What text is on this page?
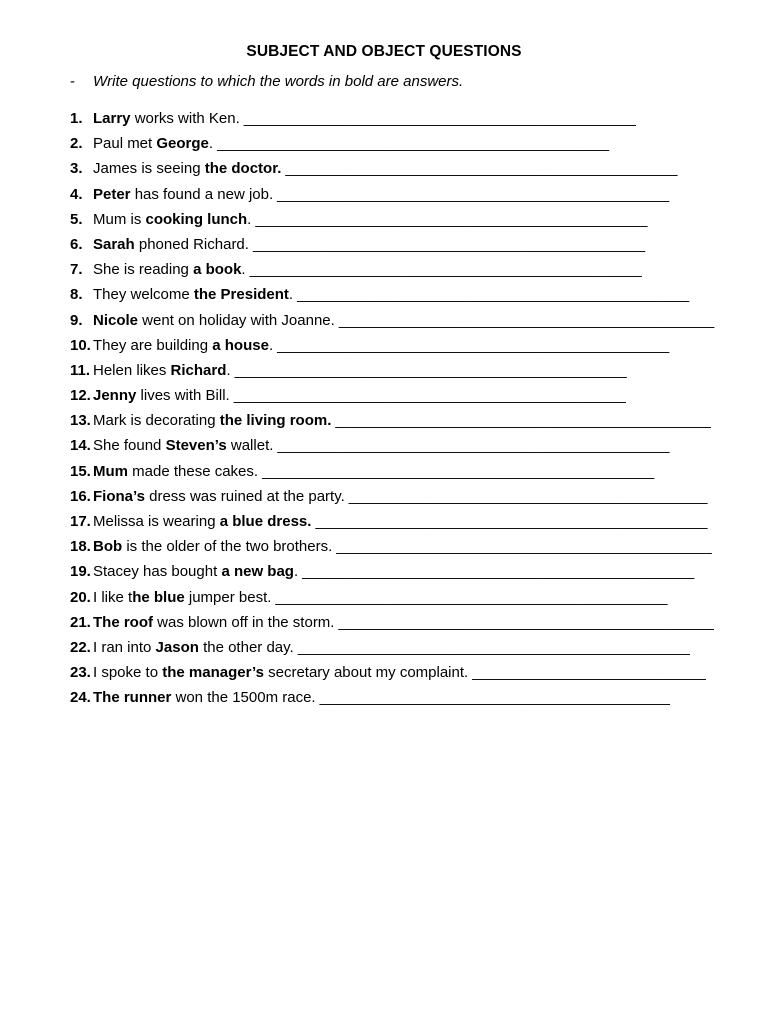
SUBJECT AND OBJECT QUESTIONS
- Write questions to which the words in bold are answers.
1. Larry works with Ken. _______________________________________________
2. Paul met George. _______________________________________________
3. James is seeing the doctor. _______________________________________________
4. Peter has found a new job. _______________________________________________
5. Mum is cooking lunch. _______________________________________________
6. Sarah phoned Richard. _______________________________________________
7. She is reading a book. _______________________________________________
8. They welcome the President. _______________________________________________
9. Nicole went on holiday with Joanne. _____________________________________________
10. They are building a house. _______________________________________________
11. Helen likes Richard. _______________________________________________
12. Jenny lives with Bill. _______________________________________________
13. Mark is decorating the living room. _____________________________________________
14. She found Steven’s wallet. _______________________________________________
15. Mum made these cakes. _______________________________________________
16. Fiona’s dress was ruined at the party. ___________________________________________
17. Melissa is wearing a blue dress. _______________________________________________
18. Bob is the older of the two brothers. _____________________________________________
19. Stacey has bought a new bag. _______________________________________________
20. I like the blue jumper best. _______________________________________________
21. The roof was blown off in the storm. _____________________________________________
22. I ran into Jason the other day. _______________________________________________
23. I spoke to the manager’s secretary about my complaint. ____________________________
24. The runner won the 1500m race. __________________________________________
